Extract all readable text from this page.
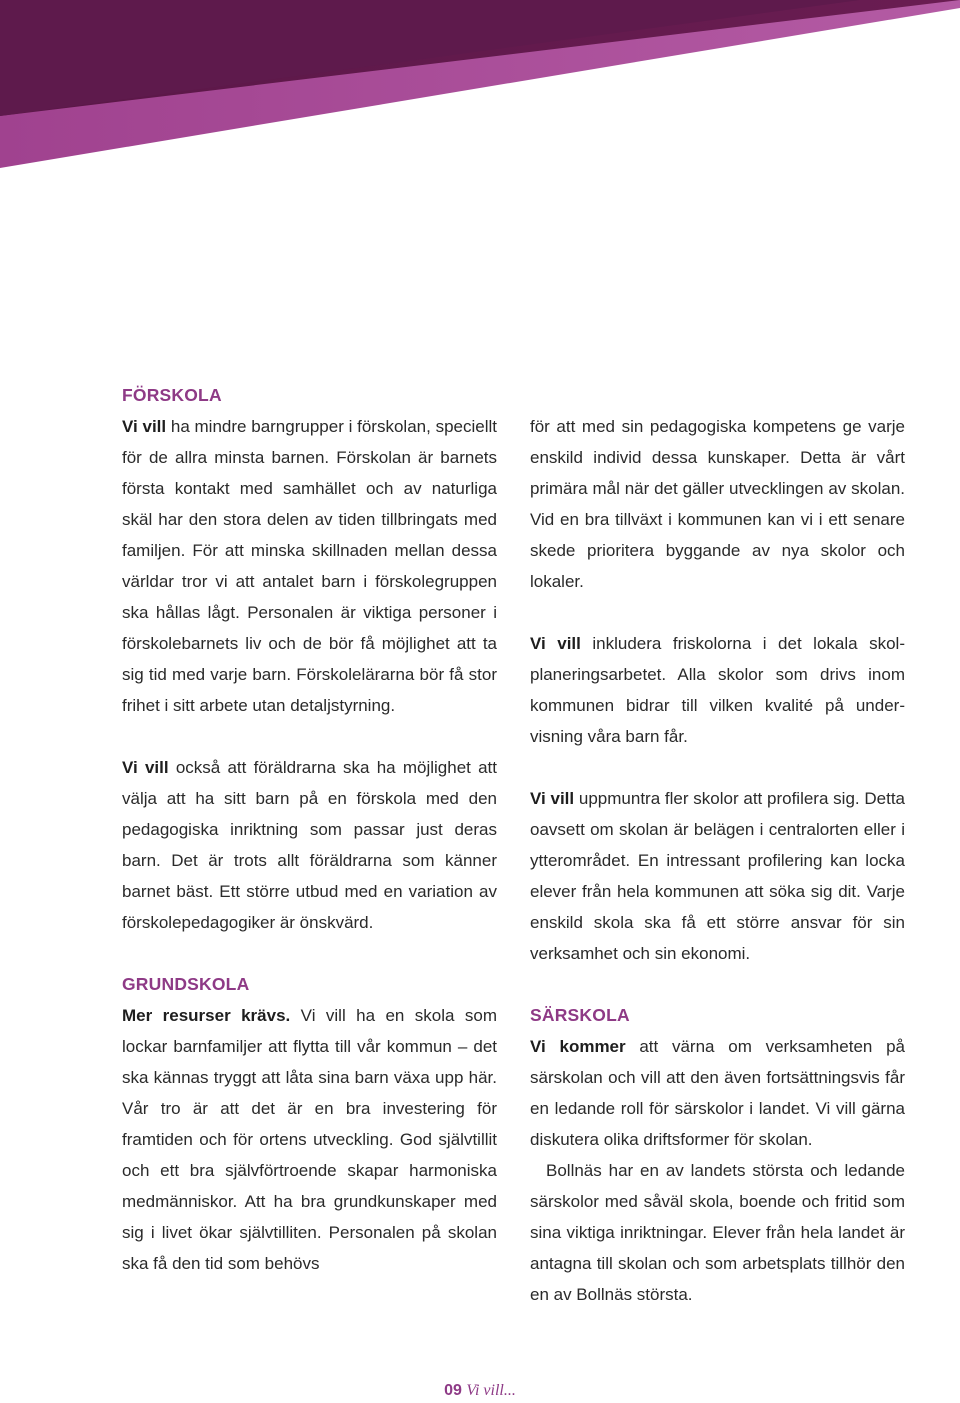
FÖRSKOLA

Vi vill ha mindre barngrupper i förskolan, speciellt för de allra minsta barnen. Förskolan är barnets första kontakt med samhället och av naturliga skäl har den stora delen av tiden tillbringats med familjen. För att minska skillnaden mellan dessa världar tror vi att antalet barn i förskolegruppen ska hållas lågt. Personalen är viktiga personer i förskolebarnets liv och de bör få möjlighet att ta sig tid med varje barn. Förskolelärarna bör få stor frihet i sitt arbete utan detaljstyrning.

Vi vill också att föräldrarna ska ha möjlighet att välja att ha sitt barn på en förskola med den pedagogiska inriktning som passar just deras barn. Det är trots allt föräldrarna som känner barnet bäst. Ett större utbud med en variation av förskolepedagogiker är önskvärd.

GRUNDSKOLA

Mer resurser krävs. Vi vill ha en skola som lockar barnfamiljer att flytta till vår kommun – det ska kännas tryggt att låta sina barn växa upp här. Vår tro är att det är en bra investering för framtiden och för ortens utveckling. God självtillit och ett bra självförtroende skapar harmoniska medmänniskor. Att ha bra grundkunskaper med sig i livet ökar självtilliten. Personalen på skolan ska få den tid som behövs

för att med sin pedagogiska kompetens ge varje enskild individ dessa kunskaper. Detta är vårt primära mål när det gäller utvecklingen av skolan. Vid en bra tillväxt i kommunen kan vi i ett senare skede prioritera byggande av nya skolor och lokaler.

Vi vill inkludera friskolorna i det lokala skolplaneringsarbetet. Alla skolor som drivs inom kommunen bidrar till vilken kvalité på undervisning våra barn får.

Vi vill uppmuntra fler skolor att profilera sig. Detta oavsett om skolan är belägen i centralorten eller i ytterområdet. En intressant profilering kan locka elever från hela kommunen att söka sig dit. Varje enskild skola ska få ett större ansvar för sin verksamhet och sin ekonomi.

SÄRSKOLA

Vi kommer att värna om verksamheten på särskolan och vill att den även fortsättningsvis får en ledande roll för särskolor i landet. Vi vill gärna diskutera olika driftsformer för skolan.

Bollnäs har en av landets största och ledande särskolor med såväl skola, boende och fritid som sina viktiga inriktningar. Elever från hela landet är antagna till skolan och som arbetsplats tillhör den en av Bollnäs största.

09 Vi vill...
